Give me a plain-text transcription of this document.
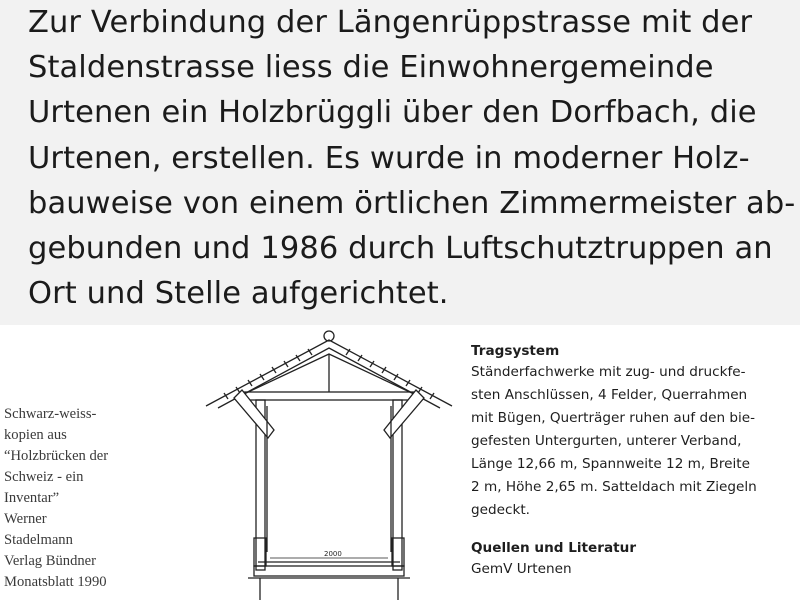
Zur Verbindung der Längenrüppstrasse mit der
Staldenstrasse liess die Einwohnergemeinde
Urtenen ein Holzbrüggli über den Dorfbach, die
Urtenen, erstellen. Es wurde in moderner Holz-
bauweise von einem örtlichen Zimmermeister ab-
gebunden und 1986 durch Luftschutztruppen an
Ort und Stelle aufgerichtet.
Schwarz-weiss-
kopien aus
“Holzbrücken der
Schweiz - ein
Inventar”
Werner
Stadelmann
Verlag Bündner
Monatsblatt 1990
2000

Tragsystem

Ständerfachwerke mit zug- und druckfe-
sten Anschlüssen, 4 Felder, Querrahmen
mit Bügen, Querträger ruhen auf den bie-
gefesten Untergurten, unterer Verband,
Länge 12,66 m, Spannweite 12 m, Breite
2 m, Höhe 2,65 m. Satteldach mit Ziegeln
gedeckt.

Quellen und Literatur

GemV Urtenen
